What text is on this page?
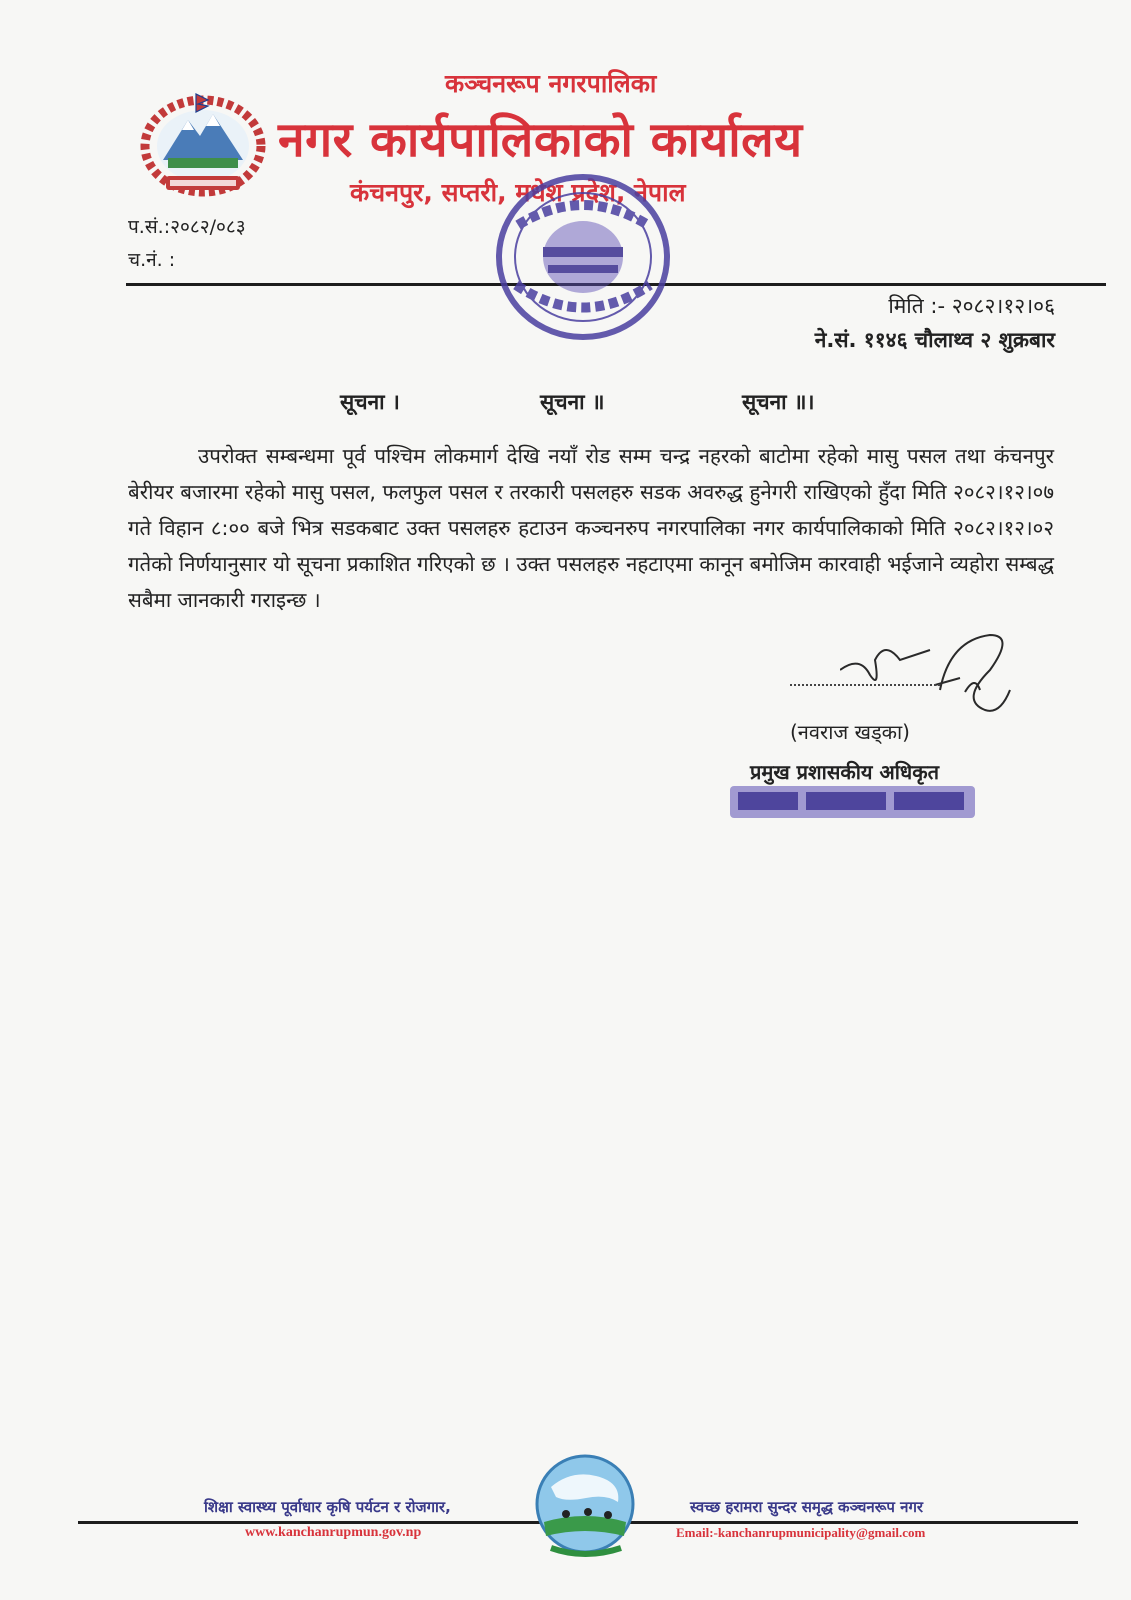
कञ्चनरूप नगरपालिका
नगर कार्यपालिकाको कार्यालय
कंचनपुर, सप्तरी, मधेश प्रदेश, नेपाल
प.सं.:२०८२/०८३
च.नं. :
मिति :- २०८२।१२।०६
ने.सं. ११४६ चौलाथ्व २ शुक्रबार
सूचना ।	सूचना ॥	सूचना ॥।

उपरोक्त सम्बन्धमा पूर्व पश्चिम लोकमार्ग देखि नयाँ रोड सम्म चन्द्र नहरको बाटोमा रहेको मासु पसल तथा कंचनपुर बेरीयर बजारमा रहेको मासु पसल, फलफुल पसल र तरकारी पसलहरु सडक अवरुद्ध हुनेगरी राखिएको हुँदा मिति २०८२।१२।०७ गते विहान ८:०० बजे भित्र सडकबाट उक्त पसलहरु हटाउन कञ्चनरुप नगरपालिका नगर कार्यपालिकाको मिति २०८२।१२।०२ गतेको निर्णयानुसार यो सूचना प्रकाशित गरिएको छ । उक्त पसलहरु नहटाएमा कानून बमोजिम कारवाही भईजाने व्यहोरा सम्बद्ध सबैमा जानकारी गराइन्छ ।

(नवराज खड्का)
प्रमुख प्रशासकीय अधिकृत
शिक्षा स्वास्थ्य पूर्वाधार कृषि पर्यटन र रोजगार,	स्वच्छ हरामरा सुन्दर समृद्ध कञ्चनरूप नगर
www.kanchanrupmun.gov.np	Email:-kanchanrupmunicipality@gmail.com
